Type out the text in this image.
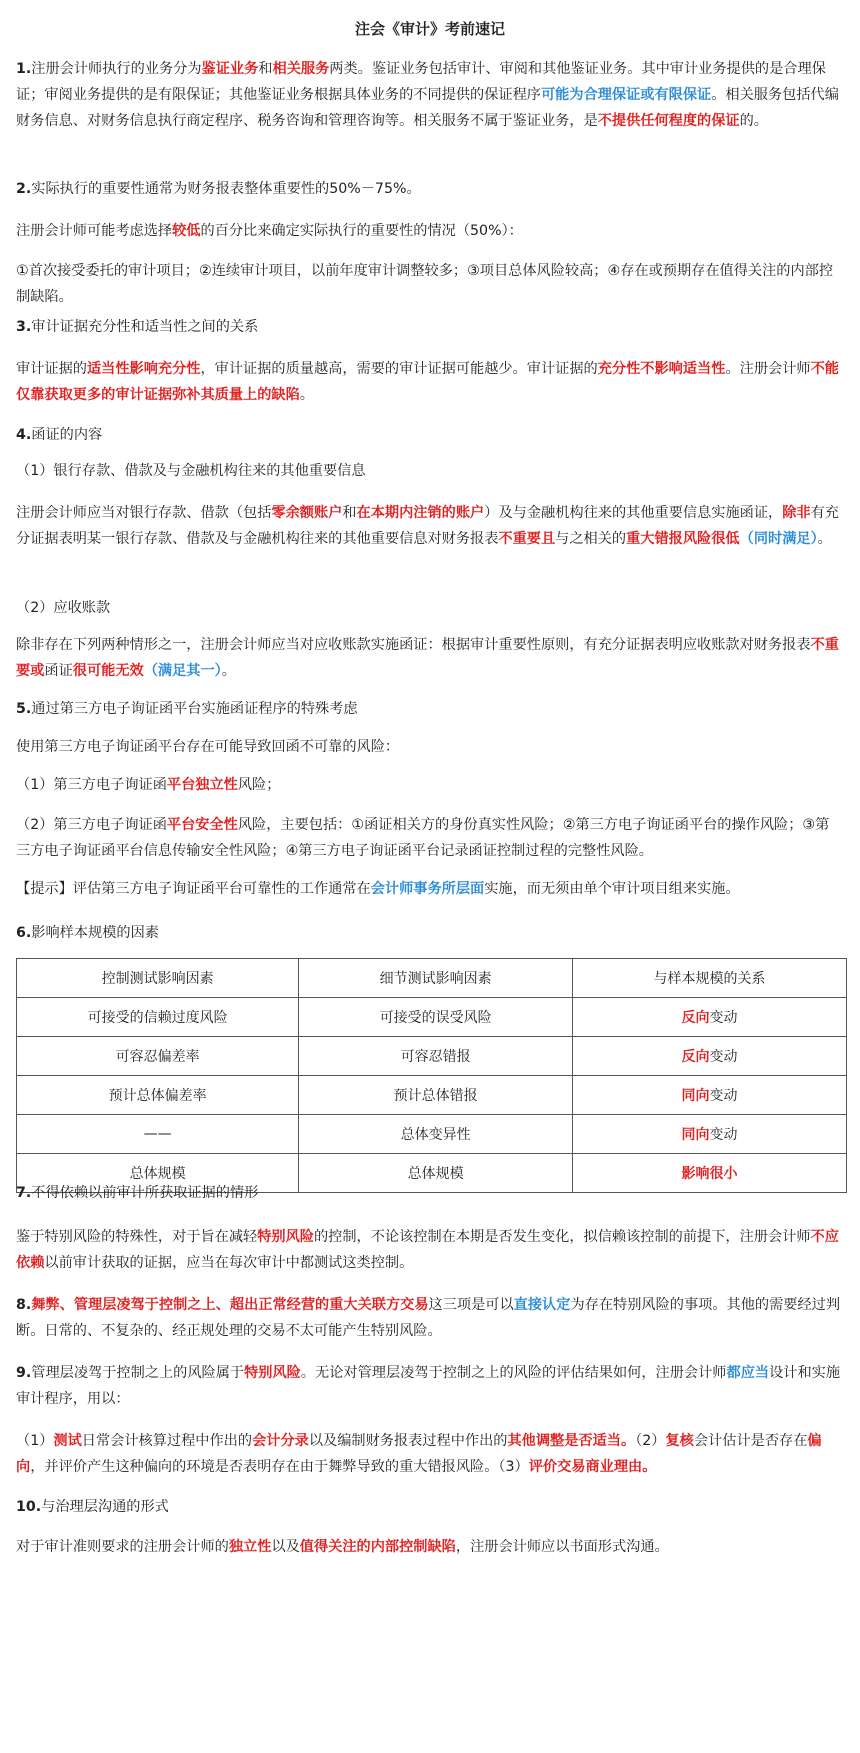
注会《审计》考前速记
1.注册会计师执行的业务分为鉴证业务和相关服务两类。鉴证业务包括审计、审阅和其他鉴证业务。其中审计业务提供的是合理保证；审阅业务提供的是有限保证；其他鉴证业务根据具体业务的不同提供的保证程序可能为合理保证或有限保证。相关服务包括代编财务信息、对财务信息执行商定程序、税务咨询和管理咨询等。相关服务不属于鉴证业务，是不提供任何程度的保证的。
2.实际执行的重要性通常为财务报表整体重要性的50%－75%。
注册会计师可能考虑选择较低的百分比来确定实际执行的重要性的情况（50%）：
①首次接受委托的审计项目；②连续审计项目，以前年度审计调整较多；③项目总体风险较高；④存在或预期存在值得关注的内部控制缺陷。
3.审计证据充分性和适当性之间的关系
审计证据的适当性影响充分性，审计证据的质量越高，需要的审计证据可能越少。审计证据的充分性不影响适当性。注册会计师不能仅靠获取更多的审计证据弥补其质量上的缺陷。
4.函证的内容
（1）银行存款、借款及与金融机构往来的其他重要信息
注册会计师应当对银行存款、借款（包括零余额账户和在本期内注销的账户）及与金融机构往来的其他重要信息实施函证，除非有充分证据表明某一银行存款、借款及与金融机构往来的其他重要信息对财务报表不重要且与之相关的重大错报风险很低（同时满足）。
（2）应收账款
除非存在下列两种情形之一，注册会计师应当对应收账款实施函证：根据审计重要性原则，有充分证据表明应收账款对财务报表不重要或函证很可能无效（满足其一）。
5.通过第三方电子询证函平台实施函证程序的特殊考虑
使用第三方电子询证函平台存在可能导致回函不可靠的风险：
（1）第三方电子询证函平台独立性风险；
（2）第三方电子询证函平台安全性风险，主要包括：①函证相关方的身份真实性风险；②第三方电子询证函平台的操作风险；③第三方电子询证函平台信息传输安全性风险；④第三方电子询证函平台记录函证控制过程的完整性风险。
【提示】评估第三方电子询证函平台可靠性的工作通常在会计师事务所层面实施，而无须由单个审计项目组来实施。
6.影响样本规模的因素
控制测试影响因素	细节测试影响因素	与样本规模的关系
可接受的信赖过度风险	可接受的误受风险	反向变动
可容忍偏差率	可容忍错报	反向变动
预计总体偏差率	预计总体错报	同向变动
——	总体变异性	同向变动
总体规模	总体规模	影响很小
7.不得依赖以前审计所获取证据的情形
鉴于特别风险的特殊性，对于旨在减轻特别风险的控制，不论该控制在本期是否发生变化，拟信赖该控制的前提下，注册会计师不应依赖以前审计获取的证据，应当在每次审计中都测试这类控制。
8.舞弊、管理层凌驾于控制之上、超出正常经营的重大关联方交易这三项是可以直接认定为存在特别风险的事项。其他的需要经过判断。日常的、不复杂的、经正规处理的交易不太可能产生特别风险。
9.管理层凌驾于控制之上的风险属于特别风险。无论对管理层凌驾于控制之上的风险的评估结果如何，注册会计师都应当设计和实施审计程序，用以：
（1）测试日常会计核算过程中作出的会计分录以及编制财务报表过程中作出的其他调整是否适当。（2）复核会计估计是否存在偏向，并评价产生这种偏向的环境是否表明存在由于舞弊导致的重大错报风险。（3）评价交易商业理由。
10.与治理层沟通的形式
对于审计准则要求的注册会计师的独立性以及值得关注的内部控制缺陷，注册会计师应以书面形式沟通。
